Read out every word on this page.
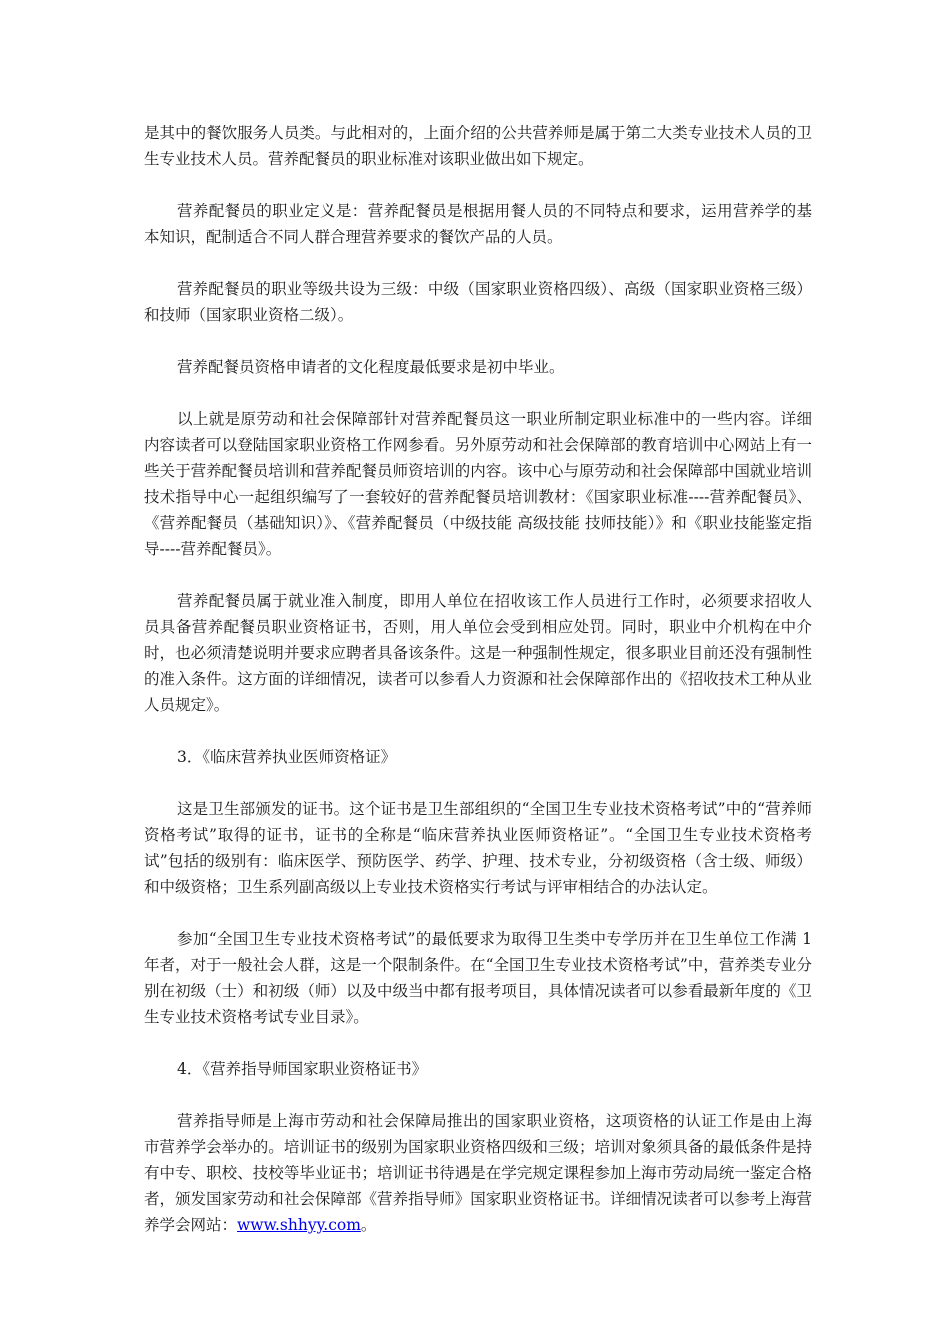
是其中的餐饮服务人员类。与此相对的，上面介绍的公共营养师是属于第二大类专业技术人员的卫生专业技术人员。营养配餐员的职业标准对该职业做出如下规定。

营养配餐员的职业定义是：营养配餐员是根据用餐人员的不同特点和要求，运用营养学的基本知识，配制适合不同人群合理营养要求的餐饮产品的人员。

营养配餐员的职业等级共设为三级：中级（国家职业资格四级）、高级（国家职业资格三级）和技师（国家职业资格二级）。

营养配餐员资格申请者的文化程度最低要求是初中毕业。

以上就是原劳动和社会保障部针对营养配餐员这一职业所制定职业标准中的一些内容。详细内容读者可以登陆国家职业资格工作网参看。另外原劳动和社会保障部的教育培训中心网站上有一些关于营养配餐员培训和营养配餐员师资培训的内容。该中心与原劳动和社会保障部中国就业培训技术指导中心一起组织编写了一套较好的营养配餐员培训教材：《国家职业标准----营养配餐员》、《营养配餐员（基础知识）》、《营养配餐员（中级技能 高级技能 技师技能）》和《职业技能鉴定指导----营养配餐员》。

营养配餐员属于就业准入制度，即用人单位在招收该工作人员进行工作时，必须要求招收人员具备营养配餐员职业资格证书，否则，用人单位会受到相应处罚。同时，职业中介机构在中介时，也必须清楚说明并要求应聘者具备该条件。这是一种强制性规定，很多职业目前还没有强制性的准入条件。这方面的详细情况，读者可以参看人力资源和社会保障部作出的《招收技术工种从业人员规定》。

3．《临床营养执业医师资格证》

这是卫生部颁发的证书。这个证书是卫生部组织的“全国卫生专业技术资格考试”中的“营养师资格考试”取得的证书，证书的全称是“临床营养执业医师资格证”。“全国卫生专业技术资格考试”包括的级别有：临床医学、预防医学、药学、护理、技术专业，分初级资格（含士级、师级）和中级资格；卫生系列副高级以上专业技术资格实行考试与评审相结合的办法认定。

参加“全国卫生专业技术资格考试”的最低要求为取得卫生类中专学历并在卫生单位工作满 1 年者，对于一般社会人群，这是一个限制条件。在“全国卫生专业技术资格考试”中，营养类专业分别在初级（士）和初级（师）以及中级当中都有报考项目，具体情况读者可以参看最新年度的《卫生专业技术资格考试专业目录》。

4．《营养指导师国家职业资格证书》

营养指导师是上海市劳动和社会保障局推出的国家职业资格，这项资格的认证工作是由上海市营养学会举办的。培训证书的级别为国家职业资格四级和三级；培训对象须具备的最低条件是持有中专、职校、技校等毕业证书；培训证书待遇是在学完规定课程参加上海市劳动局统一鉴定合格者，颁发国家劳动和社会保障部《营养指导师》国家职业资格证书。详细情况读者可以参考上海营养学会网站：www.shhyy.com。
